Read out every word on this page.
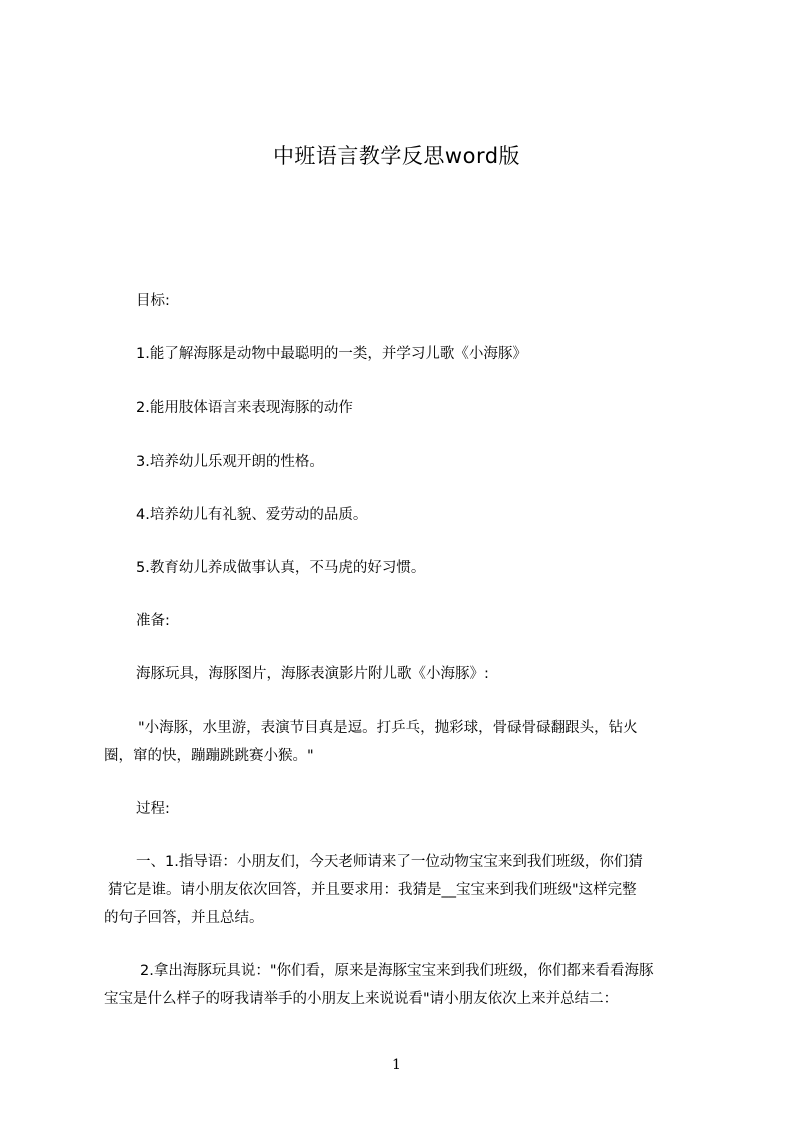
中班语言教学反思word版
目标:
1.能了解海豚是动物中最聪明的一类，并学习儿歌《小海豚》
2.能用肢体语言来表现海豚的动作
3.培养幼儿乐观开朗的性格。
4.培养幼儿有礼貌、爱劳动的品质。
5.教育幼儿养成做事认真，不马虎的好习惯。
准备:
海豚玩具，海豚图片，海豚表演影片附儿歌《小海豚》:
"小海豚，水里游，表演节目真是逗。打乒乓，抛彩球，骨碌骨碌翻跟头，钻火
圈，窜的快，蹦蹦跳跳赛小猴。"
过程:
一、1.指导语：小朋友们，今天老师请来了一位动物宝宝来到我们班级，你们猜
猜它是谁。请小朋友依次回答，并且要求用：我猜是__宝宝来到我们班级"这样完整
的句子回答，并且总结。
2.拿出海豚玩具说："你们看，原来是海豚宝宝来到我们班级，你们都来看看海豚
宝宝是什么样子的呀我请举手的小朋友上来说说看"请小朋友依次上来并总结二：
1
